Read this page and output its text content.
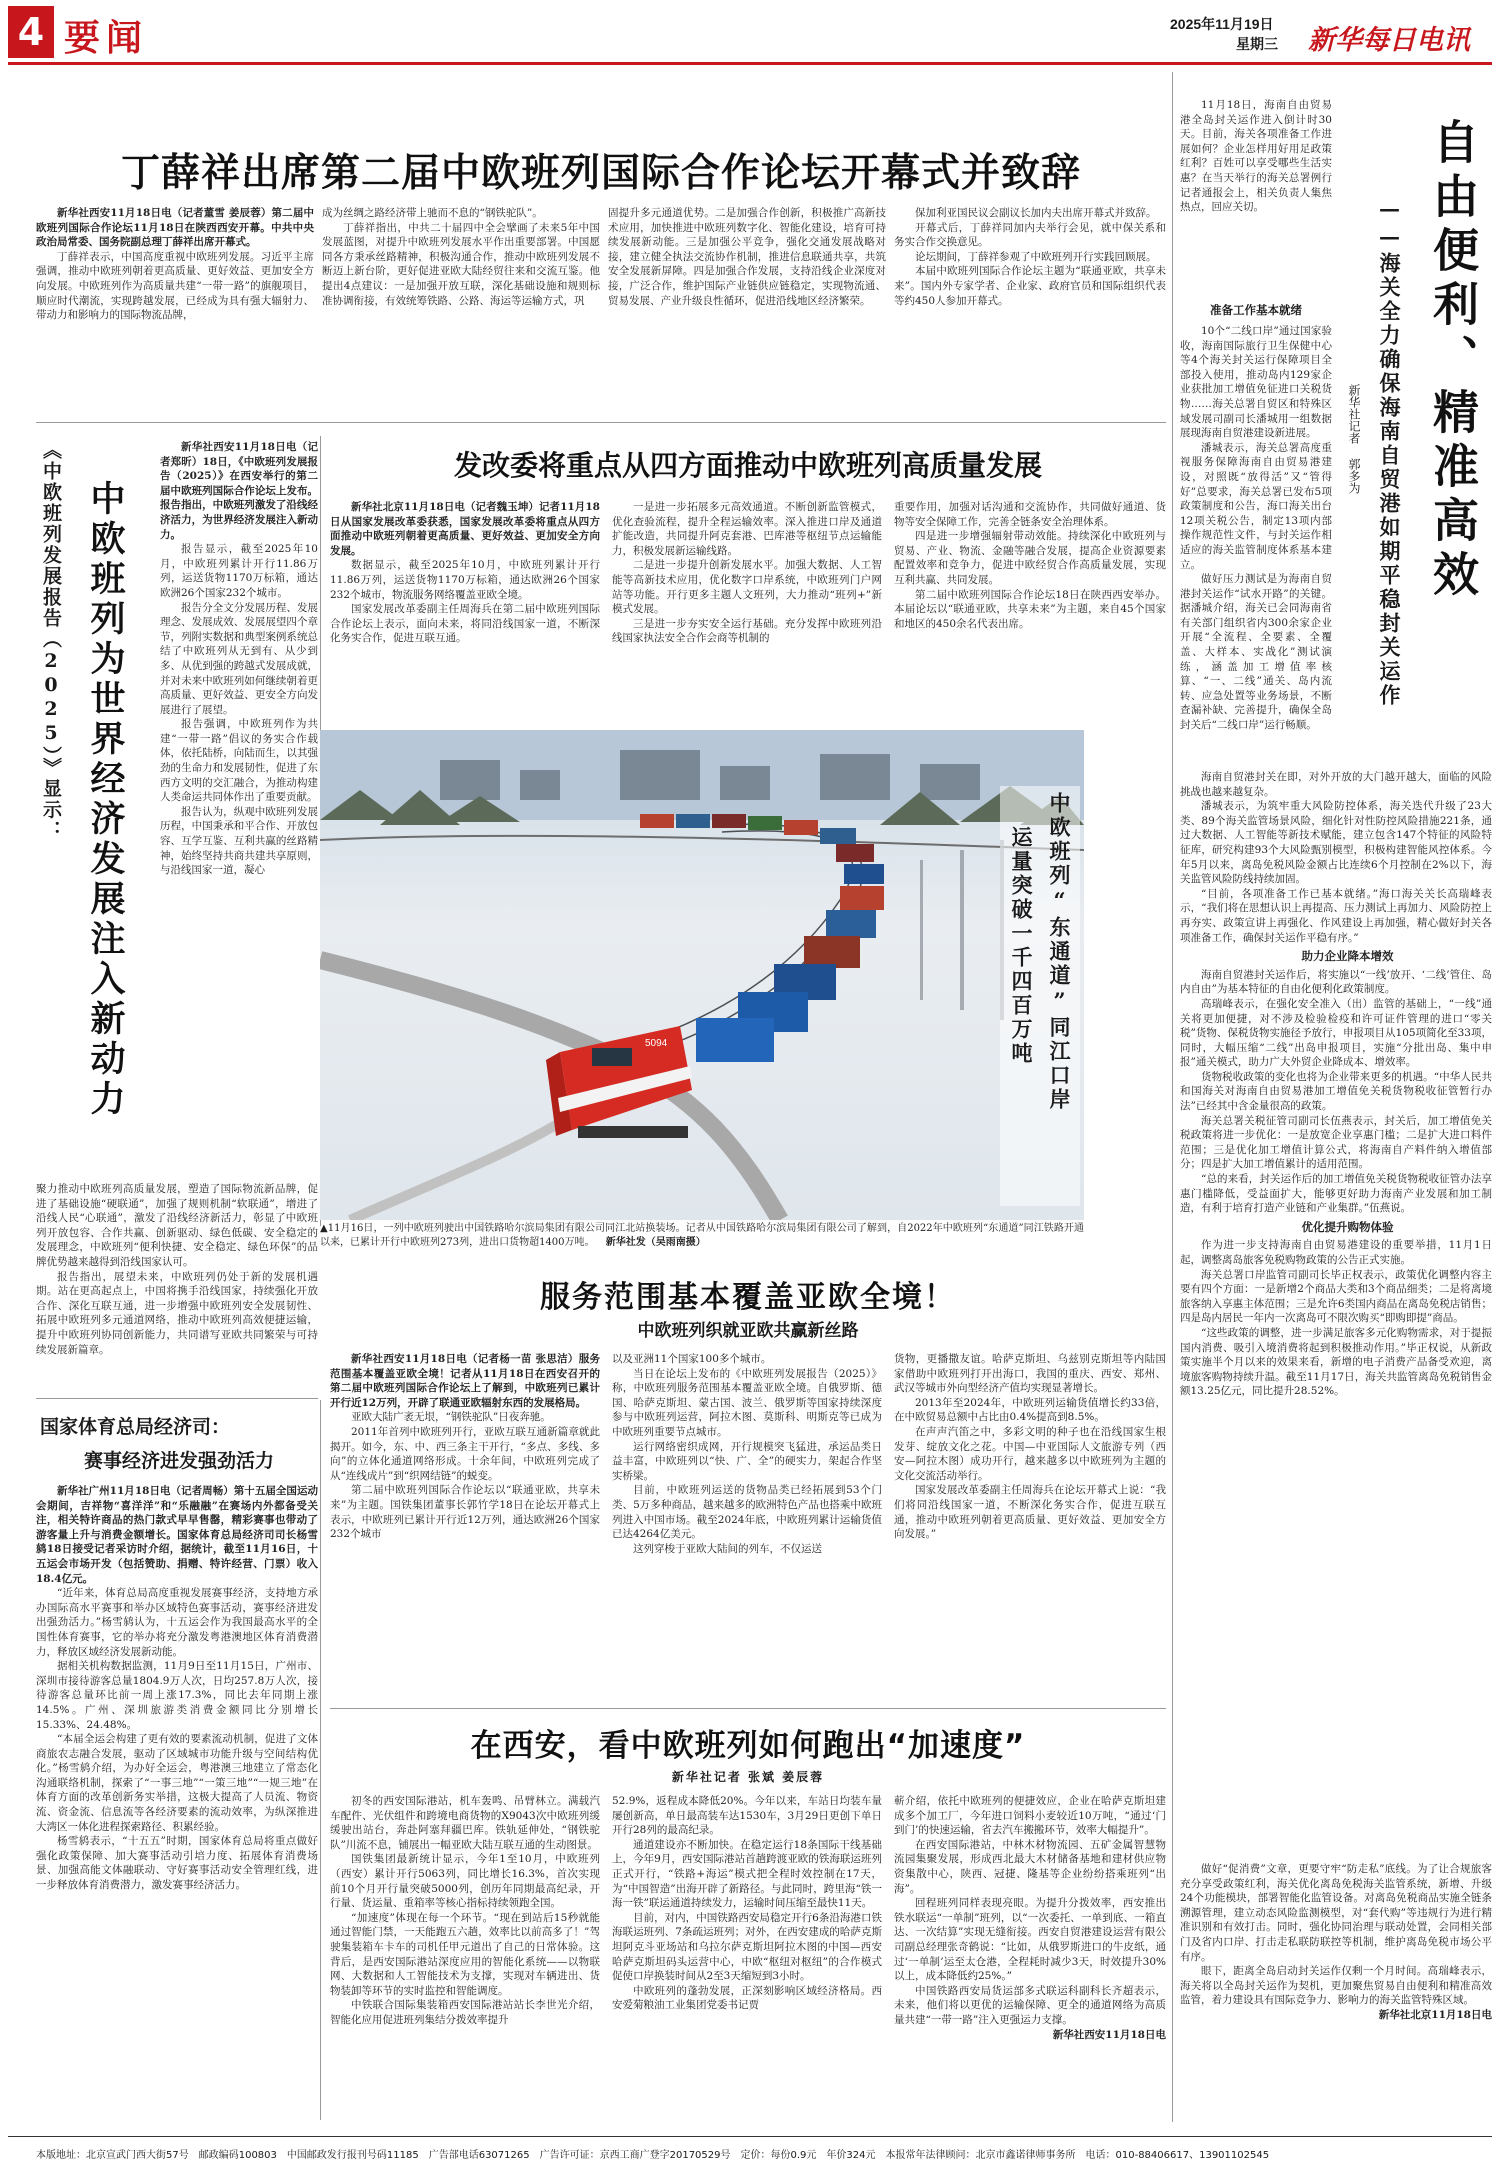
4 要闻	2025年11月19日
星期三 新华每日电讯
丁薛祥出席第二届中欧班列国际合作论坛开幕式并致辞

新华社西安11月18日电（记者董雪 姜辰蓉）第二届中欧班列国际合作论坛11月18日在陕西西安开幕。中共中央政治局常委、国务院副总理丁薛祥出席开幕式。

丁薛祥表示，中国高度重视中欧班列发展。习近平主席强调，推动中欧班列朝着更高质量、更好效益、更加安全方向发展。中欧班列作为高质量共建“一带一路”的旗舰项目，顺应时代潮流，实现跨越发展，已经成为具有强大辐射力、带动力和影响力的国际物流品牌，

成为丝绸之路经济带上驰而不息的“钢铁驼队”。

丁薛祥指出，中共二十届四中全会擘画了未来5年中国发展蓝图，对提升中欧班列发展水平作出重要部署。中国愿同各方秉承丝路精神，积极沟通合作，推动中欧班列发展不断迈上新台阶，更好促进亚欧大陆经贸往来和交流互鉴。他提出4点建议：一是加强开放互联，深化基础设施和规则标准协调衔接，有效统筹铁路、公路、海运等运输方式，巩

固提升多元通道优势。二是加强合作创新，积极推广高新技术应用，加快推进中欧班列数字化、智能化建设，培育可持续发展新动能。三是加强公平竞争，强化交通发展战略对接，建立健全执法交流协作机制，推进信息联通共享，共筑安全发展新屏障。四是加强合作发展，支持沿线企业深度对接，广泛合作，维护国际产业链供应链稳定，实现物流通、贸易发展、产业升级良性循环，促进沿线地区经济繁荣。

保加利亚国民议会副议长加内夫出席开幕式并致辞。

开幕式后，丁薛祥同加内夫举行会见，就中保关系和务实合作交换意见。

论坛期间，丁薛祥参观了中欧班列开行实践回顾展。

本届中欧班列国际合作论坛主题为“联通亚欧，共享未来”。国内外专家学者、企业家、政府官员和国际组织代表等约450人参加开幕式。

《中欧班列发展报告（2025）》显示： 中欧班列为世界经济发展注入新动力

新华社西安11月18日电（记者郑昕）18日，《中欧班列发展报告（2025）》在西安举行的第二届中欧班列国际合作论坛上发布。报告指出，中欧班列激发了沿线经济活力，为世界经济发展注入新动力。

报告显示，截至2025年10月，中欧班列累计开行11.86万列，运送货物1170万标箱，通达欧洲26个国家232个城市。

报告分全文分发展历程、发展理念、发展成效、发展展望四个章节，列附实数据和典型案例系统总结了中欧班列从无到有、从少到多、从优到强的跨越式发展成就，并对未来中欧班列如何继续朝着更高质量、更好效益、更安全方向发展进行了展望。

报告强调，中欧班列作为共建“一带一路”倡议的务实合作载体，依托陆桥，向陆而生，以其强劲的生命力和发展韧性，促进了东西方文明的交汇融合，为推动构建人类命运共同体作出了重要贡献。

报告认为，纵观中欧班列发展历程，中国秉承和平合作、开放包容、互学互鉴、互利共赢的丝路精神，始终坚持共商共建共享原则，与沿线国家一道，凝心

聚力推动中欧班列高质量发展，塑造了国际物流新品牌，促进了基础设施“硬联通”，加强了规则机制“软联通”，增进了沿线人民“心联通”，激发了沿线经济新活力，彰显了中欧班列开放包容、合作共赢、创新驱动、绿色低碳、安全稳定的发展理念，中欧班列“便利快捷、安全稳定、绿色环保”的品牌优势越来越得到沿线国家认可。

报告指出，展望未来，中欧班列仍处于新的发展机遇期。站在更高起点上，中国将携手沿线国家，持续强化开放合作、深化互联互通，进一步增强中欧班列安全发展韧性、拓展中欧班列多元通道网络，推动中欧班列高效便捷运输，提升中欧班列协同创新能力，共同谱写亚欧共同繁荣与可持续发展新篇章。

发改委将重点从四方面推动中欧班列高质量发展

新华社北京11月18日电（记者魏玉坤）记者11月18日从国家发展改革委获悉，国家发展改革委将重点从四方面推动中欧班列朝着更高质量、更好效益、更加安全方向发展。

数据显示，截至2025年10月，中欧班列累计开行11.86万列，运送货物1170万标箱，通达欧洲26个国家232个城市，物流服务网络覆盖亚欧全境。

国家发展改革委副主任周海兵在第二届中欧班列国际合作论坛上表示，面向未来，将同沿线国家一道，不断深化务实合作，促进互联互通。

一是进一步拓展多元高效通道。不断创新监管模式，优化查验流程，提升全程运输效率。深入推进口岸及通道扩能改造，共同提升阿克套港、巴库港等枢纽节点运输能力，积极发展新运输线路。

二是进一步提升创新发展水平。加强大数据、人工智能等高新技术应用，优化数字口岸系统，中欧班列门户网站等功能。开行更多主题人文班列，大力推动“班列+”新模式发展。

三是进一步夯实安全运行基础。充分发挥中欧班列沿线国家执法安全合作会商等机制的

重要作用，加强对话沟通和交流协作，共同做好通道、货物等安全保障工作，完善全链条安全治理体系。

四是进一步增强辐射带动效能。持续深化中欧班列与贸易、产业、物流、金融等融合发展，提高企业资源要素配置效率和竞争力，促进中欧经贸合作高质量发展，实现互利共赢、共同发展。

第二届中欧班列国际合作论坛18日在陕西西安举办。本届论坛以“联通亚欧，共享未来”为主题，来自45个国家和地区的450余名代表出席。

5094	中欧班列“东通道”同江口岸
运量突破一千四百万吨
▲11月16日，一列中欧班列驶出中国铁路哈尔滨局集团有限公司同江北站换装场。记者从中国铁路哈尔滨局集团有限公司了解到，自2022年中欧班列“东通道”同江铁路开通以来，已累计开行中欧班列273列，进出口货物超1400万吨。 新华社发（吴雨南摄）
服务范围基本覆盖亚欧全境！
中欧班列织就亚欧共赢新丝路

新华社西安11月18日电（记者杨一苗 张思洁）服务范围基本覆盖亚欧全境！记者从11月18日在西安召开的第二届中欧班列国际合作论坛上了解到，中欧班列已累计开行近12万列，开辟了联通亚欧辐射东西的发展格局。

亚欧大陆广袤无垠，“钢铁驼队”日夜奔驰。

2011年首列中欧班列开行，亚欧互联互通新篇章就此揭开。如今，东、中、西三条主干开行，“多点、多线、多向”的立体化通道网络形成。十余年间，中欧班列完成了从“连线成片”到“织网结链”的蜕变。

第二届中欧班列国际合作论坛以“联通亚欧，共享未来”为主题。国铁集团董事长郭竹学18日在论坛开幕式上表示，中欧班列已累计开行近12万列，通达欧洲26个国家232个城市

以及亚洲11个国家100多个城市。

当日在论坛上发布的《中欧班列发展报告（2025）》称，中欧班列服务范围基本覆盖亚欧全境。自俄罗斯、德国、哈萨克斯坦、蒙古国、波兰、俄罗斯等国家持续深度参与中欧班列运营，阿拉木图、莫斯科、明斯克等已成为中欧班列重要节点城市。

运行网络密织成网，开行规模突飞猛进，承运品类日益丰富，中欧班列以“快、广、全”的硬实力，架起合作坚实桥梁。

目前，中欧班列运送的货物品类已经拓展到53个门类、5万多种商品，越来越多的欧洲特色产品也搭乘中欧班列进入中国市场。截至2024年底，中欧班列累计运输货值已达4264亿美元。

这列穿梭于亚欧大陆间的列车，不仅运送

货物，更播撒友谊。哈萨克斯坦、乌兹别克斯坦等内陆国家借助中欧班列打开出海口，我国的重庆、西安、郑州、武汉等城市外向型经济产值均实现显著增长。

2013年至2024年，中欧班列运输货值增长约33倍，在中欧贸易总额中占比由0.4%提高到8.5%。

在声声汽笛之中，多彩文明的种子也在沿线国家生根发芽、绽放文化之花。中国—中亚国际人文旅游专列（西安—阿拉木图）成功开行，越来越多以中欧班列为主题的文化交流活动举行。

国家发展改革委副主任周海兵在论坛开幕式上说：“我们将同沿线国家一道，不断深化务实合作，促进互联互通，推动中欧班列朝着更高质量、更好效益、更加安全方向发展。”

国家体育总局经济司：
赛事经济进发强劲活力

新华社广州11月18日电（记者周畅）第十五届全国运动会期间，吉祥物“喜洋洋”和“乐融融”在赛场内外都备受关注，相关特许商品的热门款式早早售罄，精彩赛事也带动了游客量上升与消费金额增长。国家体育总局经济司司长杨雪鸫18日接受记者采访时介绍，据统计，截至11月16日，十五运会市场开发（包括赞助、捐赠、特许经营、门票）收入18.4亿元。

“近年来，体育总局高度重视发展赛事经济，支持地方承办国际高水平赛事和举办区域特色赛事活动，赛事经济进发出强劲活力。”杨雪鸫认为，十五运会作为我国最高水平的全国性体育赛事，它的举办将充分激发粤港澳地区体育消费潜力，释放区域经济发展新动能。

据相关机构数据监测，11月9日至11月15日，广州市、深圳市接待游客总量1804.9万人次，日均257.8万人次，接待游客总量环比前一周上涨17.3%，同比去年同期上涨14.5%。广州、深圳旅游类消费金额同比分别增长15.33%、24.48%。

“本届全运会构建了更有效的要素流动机制，促进了文体商旅农志融合发展，驱动了区域城市功能升级与空间结构优化。”杨雪鸫介绍，为办好全运会，粤港澳三地建立了常态化沟通联络机制，探索了“一事三地”“一策三地”“一规三地”在体育方面的改革创新务实举措，这极大提高了人员流、物资流、资金流、信息流等各经济要素的流动效率，为纵深推进大湾区一体化进程探索路径、积累经验。

杨雪鸫表示，“十五五”时期，国家体育总局将重点做好强化政策保障、加大赛事活动引培力度、拓展体育消费场景、加强高能文体融联动、守好赛事活动安全管理红线，进一步释放体育消费潜力，激发赛事经济活力。

在西安，看中欧班列如何跑出“加速度”
新华社记者 张斌 姜辰蓉

初冬的西安国际港站，机车轰鸣、吊臂林立。满载汽车配件、光伏组件和跨境电商货物的X9043次中欧班列缓缓驶出站台，奔赴阿塞拜疆巴库。铁轨延伸处，“钢铁驼队”川流不息，铺展出一幅亚欧大陆互联互通的生动图景。

国铁集团最新统计显示，今年1至10月，中欧班列（西安）累计开行5063列，同比增长16.3%，首次实现前10个月开行量突破5000列，创历年同期最高纪录，开行量、货运量、重箱率等核心指标持续领跑全国。

“加速度”体现在每一个环节。“现在到站后15秒就能通过智能门禁，一天能跑五六趟，效率比以前高多了！”驾驶集装箱车卡车的司机任甲元道出了自己的日常体验。这背后，是西安国际港站深度应用的智能化系统——以物联网、大数据和人工智能技术为支撑，实现对车辆进出、货物装卸等环节的实时监控和智能调度。

中铁联合国际集装箱西安国际港站站长李世光介绍，智能化应用促进班列集结分拨效率提升

52.9%，返程成本降低20%。今年以来，车站日均装车量屡创新高，单日最高装车达1530车，3月29日更创下单日开行28列的最高纪录。

通道建设亦不断加快。在稳定运行18条国际干线基础上，今年9月，西安国际港站首趟跨渡亚欧的铁海联运班列正式开行，“铁路+海运”模式把全程时效控制在17天，为“中国智造”出海开辟了新路径。与此同时，跨里海“铁一海一铁”联运通道持续发力，运输时间压缩至最快11天。

目前，对内，中国铁路西安局稳定开行6条沿海港口铁海联运班列、7条疏运班列；对外，在西安建成的哈萨克斯坦阿克斗亚场站和乌拉尔萨克斯坦阿拉木图的中国—西安哈萨克斯坦码头运营中心，中欧“枢纽对枢纽”的合作模式促使口岸换装时间从2至3天缩短到3小时。

中欧班列的蓬勃发展，正深刻影响区域经济格局。西安爱菊粮油工业集团党委书记贾

蕲介绍，依托中欧班列的便捷效应，企业在哈萨克斯坦建成多个加工厂，今年进口饲料小麦较近10万吨，“通过‘门到门’的快速运输，省去汽车搬搬环节，效率大幅提升”。

在西安国际港站，中林木材物流园、五矿金属智慧物流园集聚发展，形成西北最大木材储备基地和建材供应物资集散中心，陕西、冠捷、隆基等企业纷纷搭乘班列“出海”。

回程班列同样表现亮眼。为提升分拨效率，西安推出铁水联运“一单制”班列，以“一次委托、一单到底、一箱直达、一次结算”实现无缝衔接。西安自贸港建设运营有限公司副总经理张奇鹤说：“比如，从俄罗斯进口的牛皮纸，通过‘一单制’运至太仓港，全程耗时减少3天，时效提升30%以上，成本降低约25%。”

中国铁路西安局货运部多式联运科副科长齐超表示，未来，他们将以更优的运输保障、更全的通道网络为高质量共建“一带一路”注入更强运力支撑。

新华社西安11月18日电

自由便利、精准高效
——海关全力确保海南自贸港如期平稳封关运作
新华社记者 郭多为

11月18日，海南自由贸易港全岛封关运作进入倒计时30天。目前，海关各项准备工作进展如何？企业怎样用好用足政策红利？百姓可以享受哪些生活实惠？在当天举行的海关总署例行记者通报会上，相关负责人集焦热点，回应关切。

准备工作基本就绪

10个“二线口岸”通过国家验收，海南国际旅行卫生保健中心等4个海关封关运行保障项目全部投入使用，推动岛内129家企业获批加工增值免征进口关税货物……海关总署自贸区和特殊区域发展司副司长潘城用一组数据展现海南自贸港建设新进展。

潘城表示，海关总署高度重视服务保障海南自由贸易港建设，对照既“放得活”又“管得好”总要求，海关总署已发布5项政策制度和公告，海口海关出台12项关税公告，制定13项内部操作规范性文件，与封关运作相适应的海关监管制度体系基本建立。

做好压力测试是为海南自贸港封关运作“试水开路”的关键。据潘城介绍，海关已会同海南省有关部门组织省内300余家企业开展“全流程、全要素、全覆盖、大样本、实战化”测试演练，涵盖加工增值率核算、“一、二线”通关、岛内流转、应急处置等业务场景，不断查漏补缺、完善提升，确保全岛封关后“二线口岸”运行畅顺。

海南自贸港封关在即，对外开放的大门越开越大，面临的风险挑战也越来越复杂。

潘城表示，为筑牢重大风险防控体系，海关迭代升级了23大类、89个海关监管场景风险，细化针对性防控风险措施221条，通过大数据、人工智能等新技术赋能，建立包含147个特征的风险特征库，研究构建93个大风险甄别模型，积极构建智能风控体系。今年5月以来，离岛免税风险金额占比连续6个月控制在2%以下，海关监管风险防线持续加固。

“目前，各项准备工作已基本就绪。”海口海关关长高瑞峰表示，“我们将在思想认识上再提高、压力测试上再加力、风险防控上再夯实、政策宣讲上再强化、作风建设上再加强，精心做好封关各项准备工作，确保封关运作平稳有序。”

助力企业降本增效

海南自贸港封关运作后，将实施以“一线’放开、‘二线’管住、岛内自由”为基本特征的自由化便利化政策制度。

高瑞峰表示，在强化安全准入（出）监管的基础上，“一线”通关将更加便捷，对不涉及检验检疫和许可证件管理的进口“零关税”货物、保税货物实施径予放行，申报项目从105项简化至33项，同时，大幅压缩“二线”出岛申报项目，实施“分批出岛、集中申报”通关模式，助力广大外贸企业降成本、增效率。

货物税收政策的变化也将为企业带来更多的机遇。“中华人民共和国海关对海南自由贸易港加工增值免关税货物税收征管暂行办法”已经其中含金量很高的政策。

海关总署关税征管司副司长伍燕表示，封关后，加工增值免关税政策将进一步优化：一是放宽企业享惠门槛；二是扩大进口料件范围；三是优化加工增值计算公式，将海南自产料件纳入增值部分；四是扩大加工增值累计的适用范围。

“总的来看，封关运作后的加工增值免关税货物税收征管办法享惠门槛降低，受益面扩大，能够更好助力海南产业发展和加工制造，有利于培育打造产业链和产业集群。”伍燕说。

优化提升购物体验

作为进一步支持海南自由贸易港建设的重要举措，11月1日起，调整离岛旅客免税购物政策的公告正式实施。

海关总署口岸监管司副司长毕正权表示，政策优化调整内容主要有四个方面：一是新增2个商品大类和3个商品细类；二是将离境旅客纳入享惠主体范围；三是允许6类国内商品在离岛免税店销售；四是岛内居民一年内一次离岛可不限次购买“即购即提”商品。

“这些政策的调整，进一步满足旅客多元化购物需求，对于提振国内消费、吸引入境消费将起到积极推动作用。”毕正权说，从新政策实施半个月以来的效果来看，新增的电子消费产品备受欢迎，离境旅客购物持续升温。截至11月17日，海关共监管离岛免税销售金额13.25亿元，同比提升28.52%。

做好“促消费”文章，更要守牢“防走私”底线。为了让合规旅客充分享受政策红利，海关优化离岛免税海关监管系统，新增、升级24个功能模块，部署智能化监管设备。对离岛免税商品实施全链条溯源管理，建立动态风险监测模型，对“套代购”等违规行为进行精准识别和有效打击。同时，强化协同治理与联动处置，会同相关部门及省内口岸、打击走私联防联控等机制，维护离岛免税市场公平有序。

眼下，距离全岛启动封关运作仅剩一个月时间。高瑞峰表示，海关将以全岛封关运作为契机，更加聚焦贸易自由便利和精准高效监管，着力建设具有国际竞争力、影响力的海关监管特殊区域。

新华社北京11月18日电

本版地址：北京宣武门西大街57号　邮政编码100803　中国邮政发行报刊号码11185　广告部电话63071265　广告许可证：京西工商广登字20170529号　定价：每份0.9元　年价324元　本报常年法律顾问：北京市鑫诺律师事务所　电话：010-88406617、13901102545
